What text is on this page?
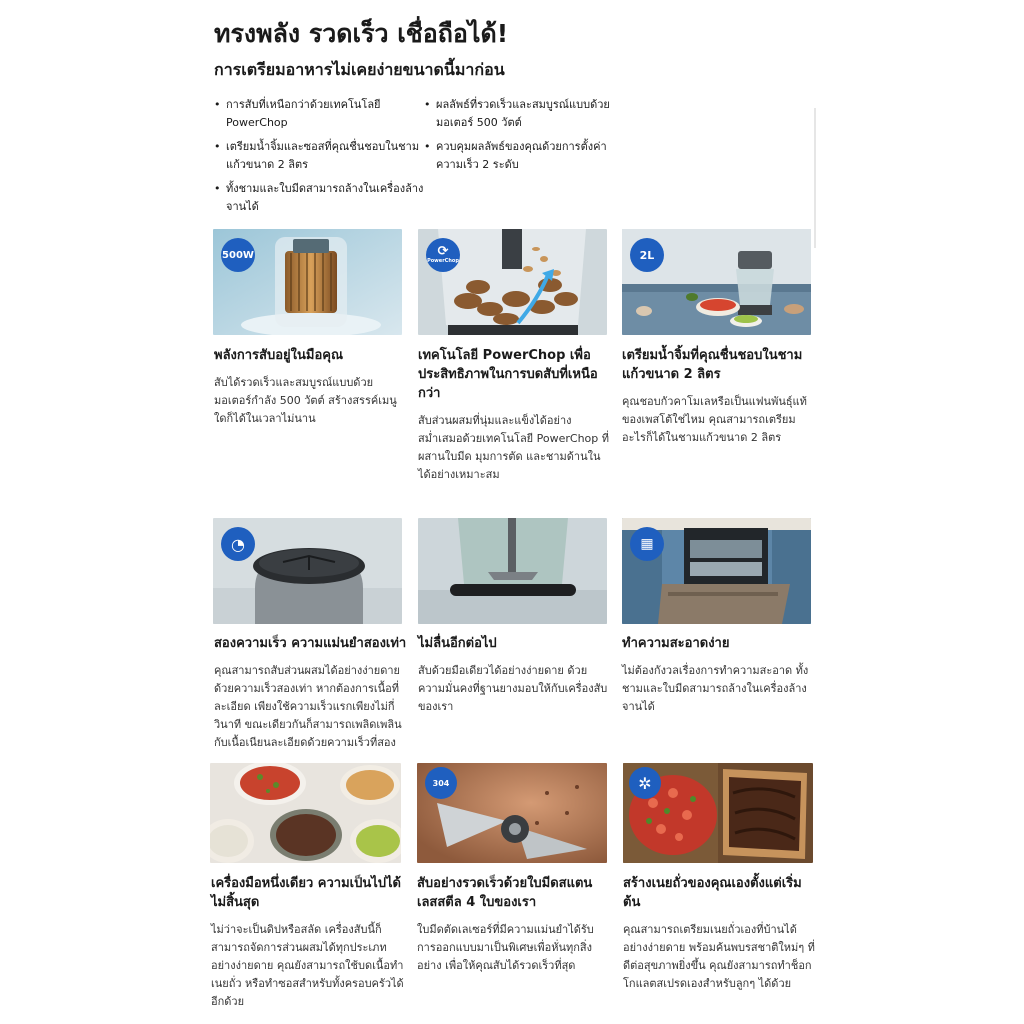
ทรงพลัง รวดเร็ว เชื่อถือได้!
การเตรียมอาหารไม่เคยง่ายขนาดนี้มาก่อน
• การสับที่เหนือกว่าด้วยเทคโนโลยี PowerChop
• เตรียมน้ำจิ้มและซอสที่คุณชื่นชอบในชามแก้วขนาด 2 ลิตร
• ทั้งชามและใบมีดสามารถล้างในเครื่องล้างจานได้
• ผลลัพธ์ที่รวดเร็วและสมบูรณ์แบบด้วยมอเตอร์ 500 วัตต์
• ควบคุมผลลัพธ์ของคุณด้วยการตั้งค่าความเร็ว 2 ระดับ
500W
พลังการสับอยู่ในมือคุณ
สับได้รวดเร็วและสมบูรณ์แบบด้วยมอเตอร์กำลัง 500 วัตต์ สร้างสรรค์เมนูใดก็ได้ในเวลาไม่นาน
⟳
PowerChop
เทคโนโลยี PowerChop เพื่อประสิทธิภาพในการบดสับที่เหนือกว่า
สับส่วนผสมที่นุ่มและแข็งได้อย่างสม่ำเสมอด้วยเทคโนโลยี PowerChop ที่ผสานใบมีด มุมการตัด และชามด้านในได้อย่างเหมาะสม
2L
เตรียมน้ำจิ้มที่คุณชื่นชอบในชามแก้วขนาด 2 ลิตร
คุณชอบกัวคาโมเลหรือเป็นแฟนพันธุ์แท้ของเพสโต้ใช่ไหม คุณสามารถเตรียมอะไรก็ได้ในชามแก้วขนาด 2 ลิตร
◔
สองความเร็ว ความแม่นยำสองเท่า
คุณสามารถสับส่วนผสมได้อย่างง่ายดายด้วยความเร็วสองเท่า หากต้องการเนื้อที่ละเอียด เพียงใช้ความเร็วแรกเพียงไม่กี่วินาที ขณะเดียวกันก็สามารถเพลิดเพลินกับเนื้อเนียนละเอียดด้วยความเร็วที่สอง
ไม่ลื่นอีกต่อไป
สับด้วยมือเดียวได้อย่างง่ายดาย ด้วยความมั่นคงที่ฐานยางมอบให้กับเครื่องสับของเรา
▦
ทำความสะอาดง่าย
ไม่ต้องกังวลเรื่องการทำความสะอาด ทั้งชามและใบมีดสามารถล้างในเครื่องล้างจานได้
เครื่องมือหนึ่งเดียว ความเป็นไปได้ไม่สิ้นสุด
ไม่ว่าจะเป็นดิปหรือสลัด เครื่องสับนี้ก็สามารถจัดการส่วนผสมได้ทุกประเภทอย่างง่ายดาย คุณยังสามารถใช้บดเนื้อทำเนยถั่ว หรือทำซอสสำหรับทั้งครอบครัวได้อีกด้วย
304
สับอย่างรวดเร็วด้วยใบมีดสแตนเลสสตีล 4 ใบของเรา
ใบมีดตัดเลเซอร์ที่มีความแม่นยำได้รับการออกแบบมาเป็นพิเศษเพื่อหั่นทุกสิ่งอย่าง เพื่อให้คุณสับได้รวดเร็วที่สุด
✲
สร้างเนยถั่วของคุณเองตั้งแต่เริ่มต้น
คุณสามารถเตรียมเนยถั่วเองที่บ้านได้อย่างง่ายดาย พร้อมค้นพบรสชาติใหม่ๆ ที่ดีต่อสุขภาพยิ่งขึ้น คุณยังสามารถทำช็อกโกแลตสเปรดเองสำหรับลูกๆ ได้ด้วย
